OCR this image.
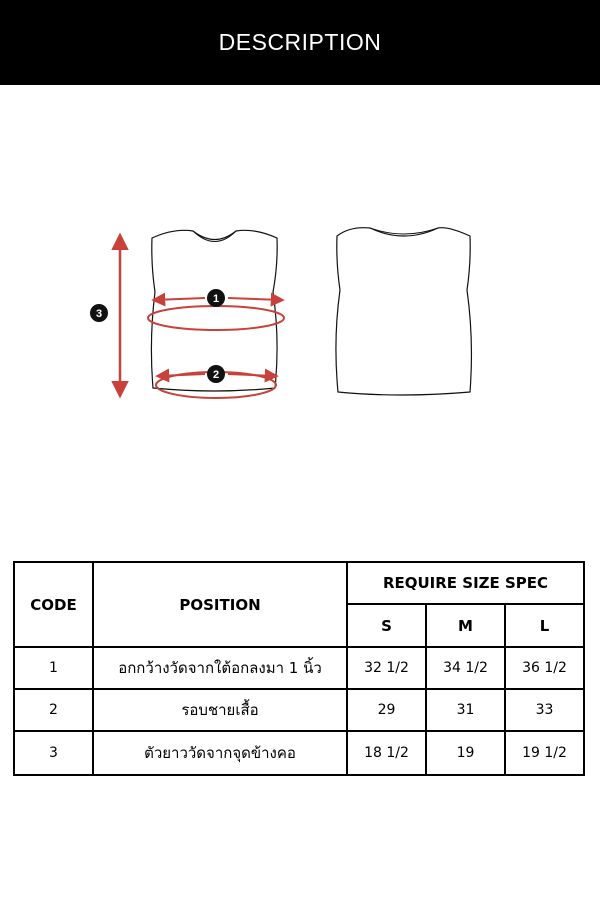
DESCRIPTION
1
2
3
CODE	POSITION	REQUIRE SIZE SPEC		
		S	M	L
1	อกกว้างวัดจากใต้อกลงมา 1 นิ้ว	32 1/2	34 1/2	36 1/2
2	รอบชายเสื้อ	29	31	33
3	ตัวยาววัดจากจุดข้างคอ	18 1/2	19	19 1/2
